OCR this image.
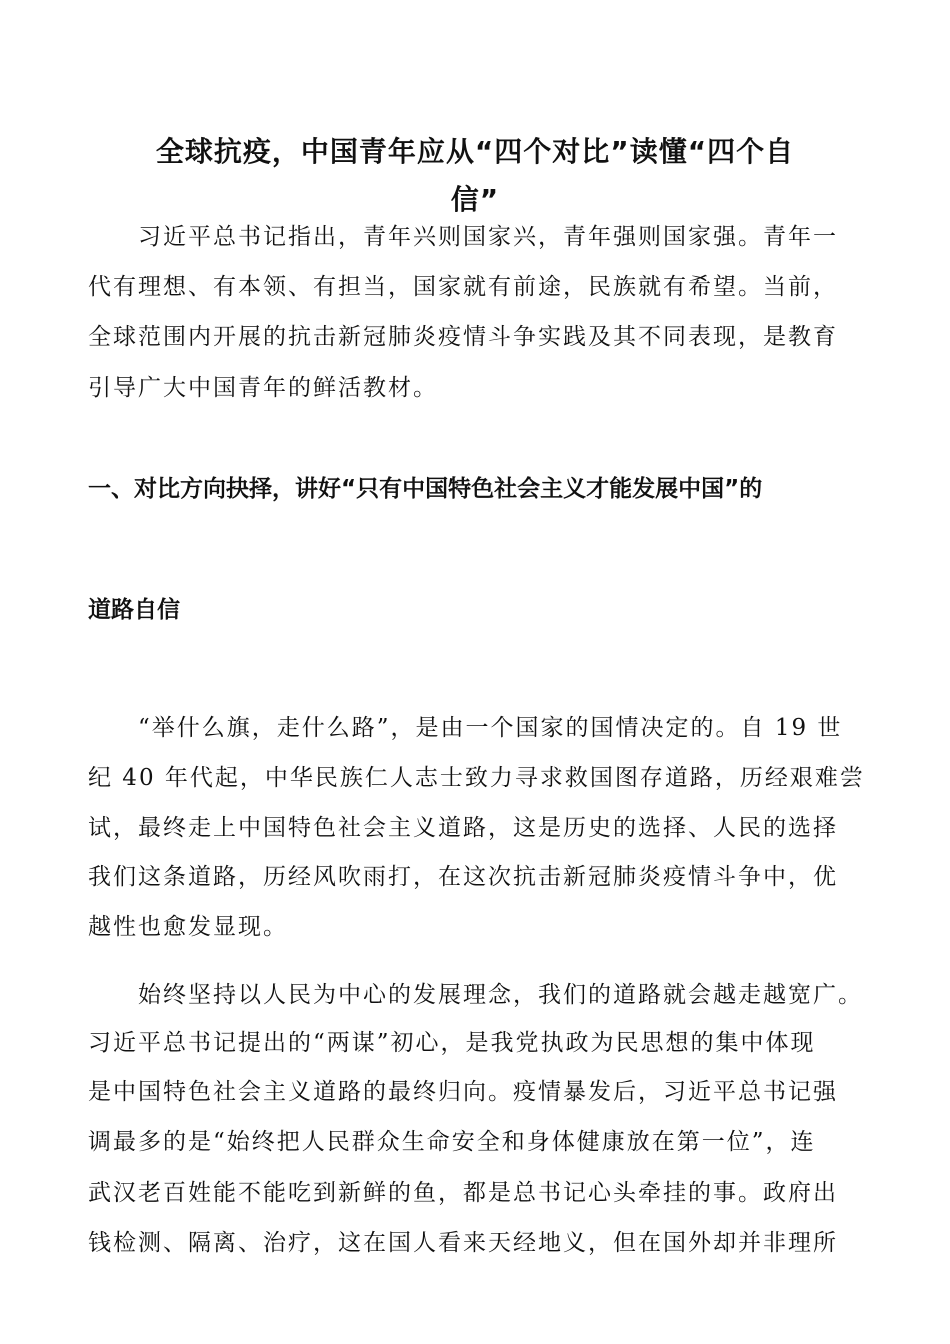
全球抗疫，中国青年应从“四个对比”读懂“四个自
信”

习近平总书记指出，青年兴则国家兴，青年强则国家强。青年一

代有理想、有本领、有担当，国家就有前途，民族就有希望。当前，

全球范围内开展的抗击新冠肺炎疫情斗争实践及其不同表现，是教育

引导广大中国青年的鲜活教材。

一、对比方向抉择，讲好“只有中国特色社会主义才能发展中国”的
道路自信

“举什么旗，走什么路”，是由一个国家的国情决定的。自 19 世

纪 40 年代起，中华民族仁人志士致力寻求救国图存道路，历经艰难尝

试，最终走上中国特色社会主义道路，这是历史的选择、人民的选择

我们这条道路，历经风吹雨打，在这次抗击新冠肺炎疫情斗争中，优

越性也愈发显现。

始终坚持以人民为中心的发展理念，我们的道路就会越走越宽广。

习近平总书记提出的“两谋”初心，是我党执政为民思想的集中体现

是中国特色社会主义道路的最终归向。疫情暴发后，习近平总书记强

调最多的是“始终把人民群众生命安全和身体健康放在第一位”，连

武汉老百姓能不能吃到新鲜的鱼，都是总书记心头牵挂的事。政府出

钱检测、隔离、治疗，这在国人看来天经地义，但在国外却并非理所
